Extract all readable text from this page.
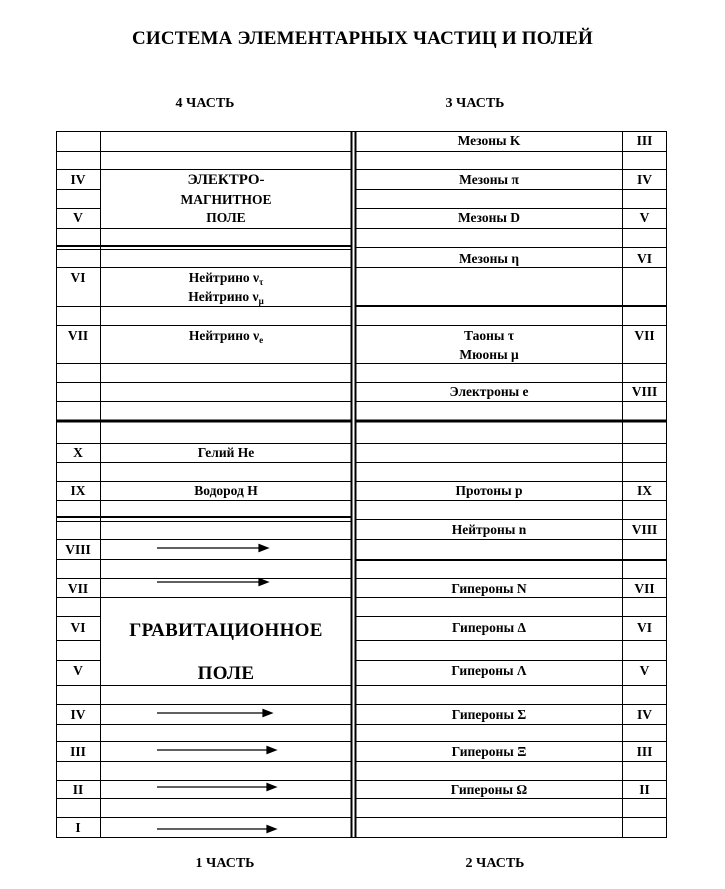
СИСТЕМА ЭЛЕМЕНТАРНЫХ ЧАСТИЦ И ПОЛЕЙ
4 ЧАСТЬ	3 ЧАСТЬ
1 ЧАСТЬ	2 ЧАСТЬ
IV
V
VI
VII
X
IX
VIII
VII
VI
V
IV
III
II
I
ЭЛЕКТРО-
МАГНИТНОЕ
ПОЛЕ
Нейтрино $\nu_\tau$
Нейтрино $\nu_\mu$
Нейтрино $\nu_e$
Гелий He
Водород H
ГРАВИТАЦИОННОЕ
ПОЛЕ
Мезоны K
Мезоны π
Мезоны D
Мезоны η
Таоны τ
Мюоны μ
Электроны e
Протоны p
Нейтроны n
Гипероны N
Гипероны Δ
Гипероны Λ
Гипероны Σ
Гипероны Ξ
Гипероны Ω
III
IV
V
VI
VII
VIII
IX
VIII
VII
VI
V
IV
III
II
